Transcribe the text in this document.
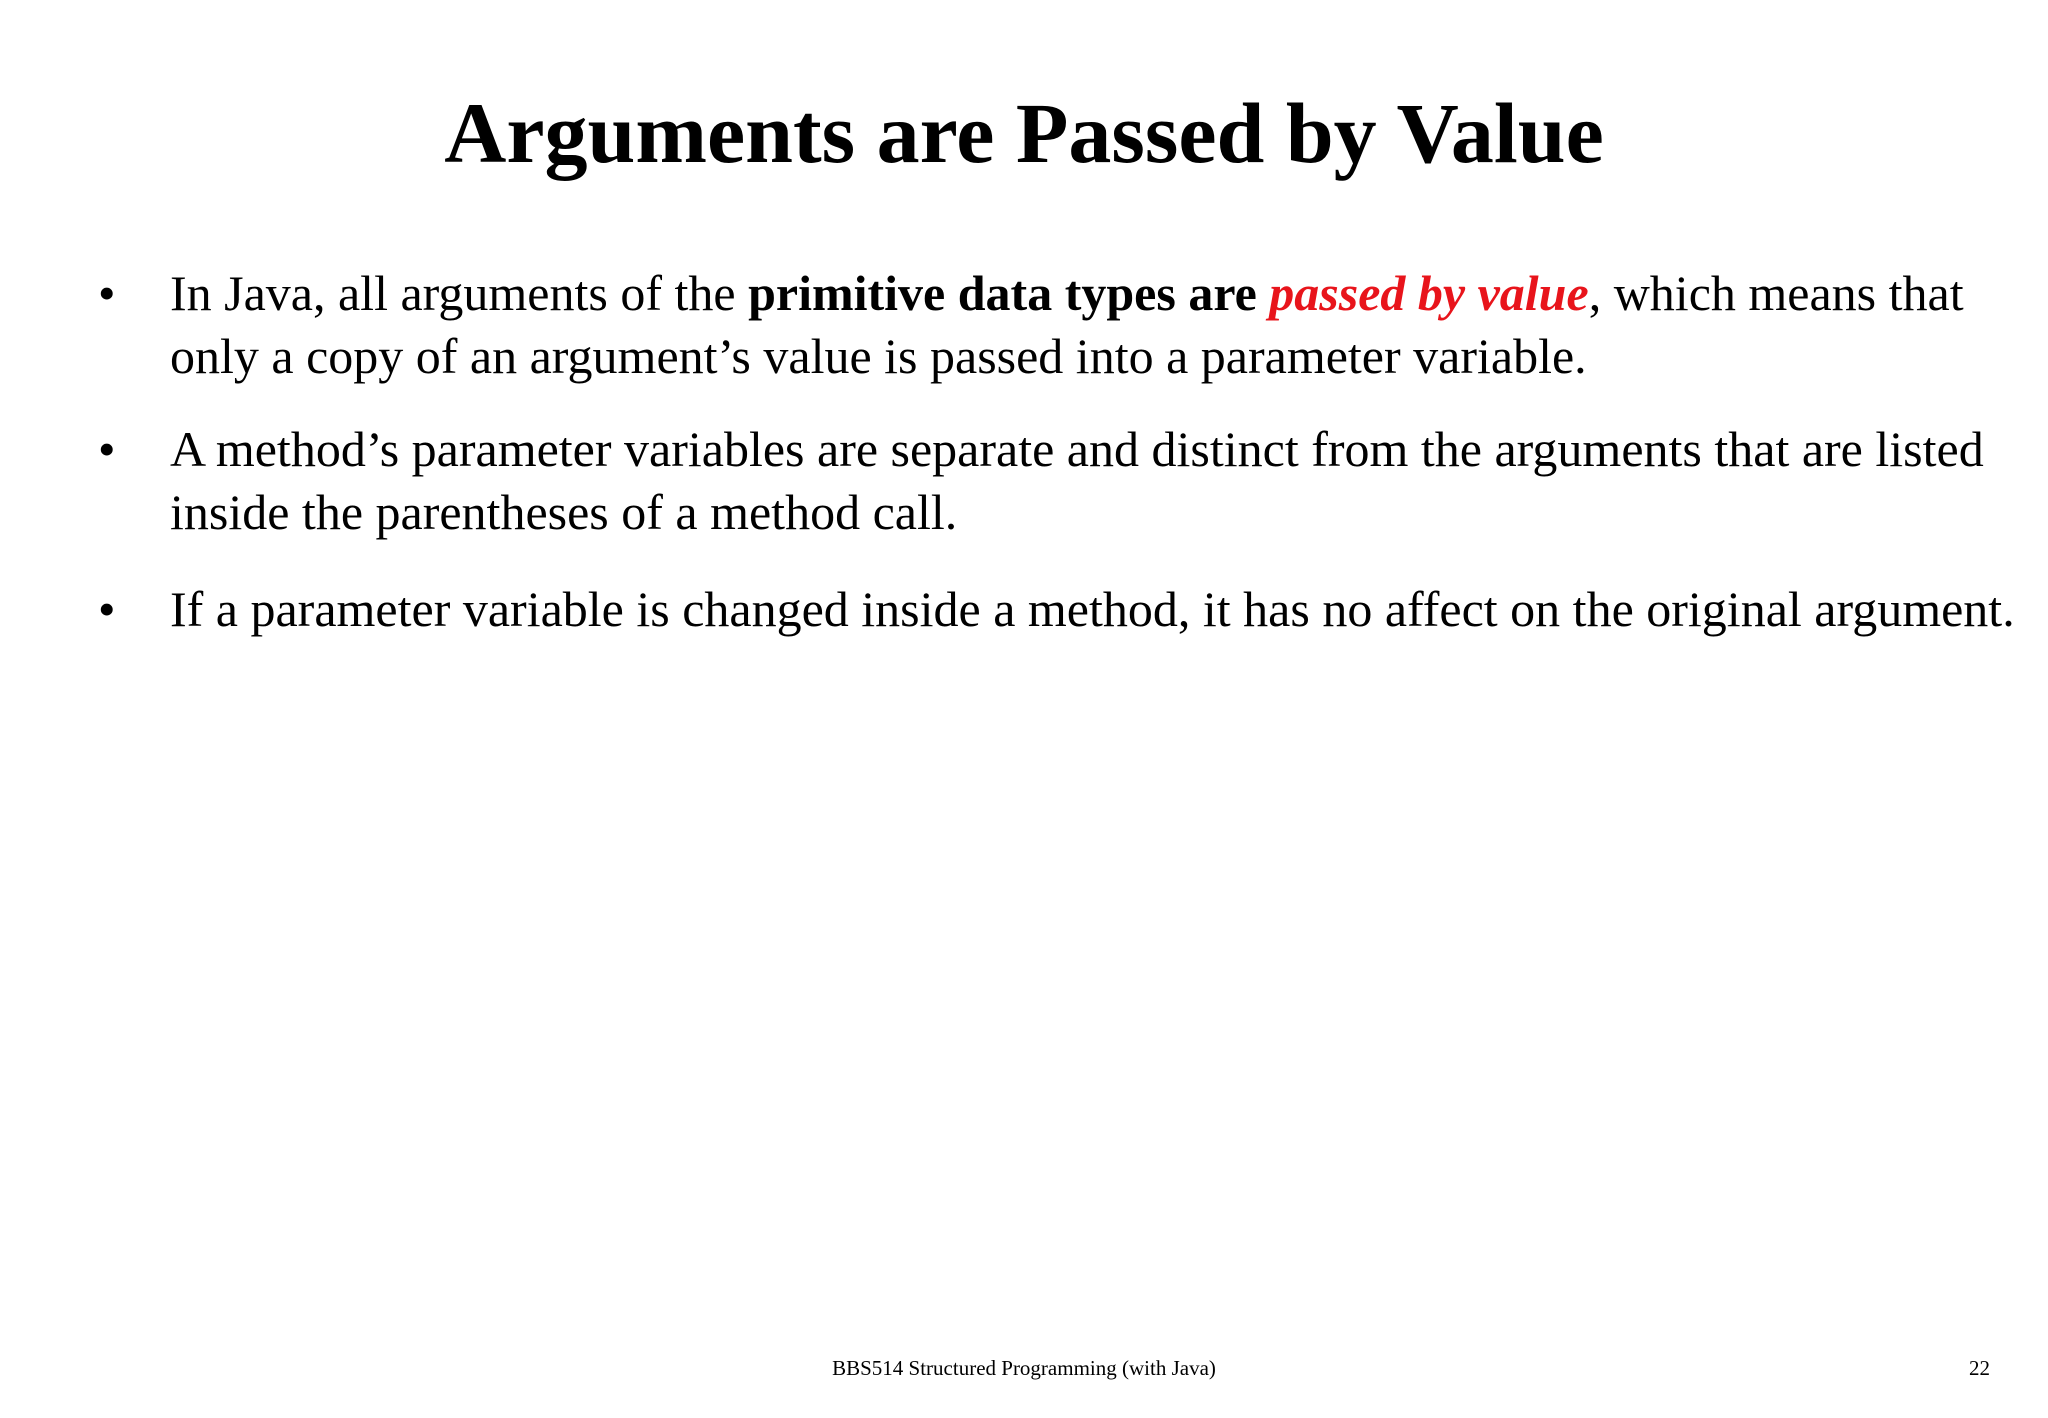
Arguments are Passed by Value
• In Java, all arguments of the primitive data types are passed by value, which means that only a copy of an argument’s value is passed into a parameter variable.
• A method’s parameter variables are separate and distinct from the arguments that are listed inside the parentheses of a method call.
• If a parameter variable is changed inside a method, it has no affect on the original argument.
BBS514 Structured Programming (with Java)	22
